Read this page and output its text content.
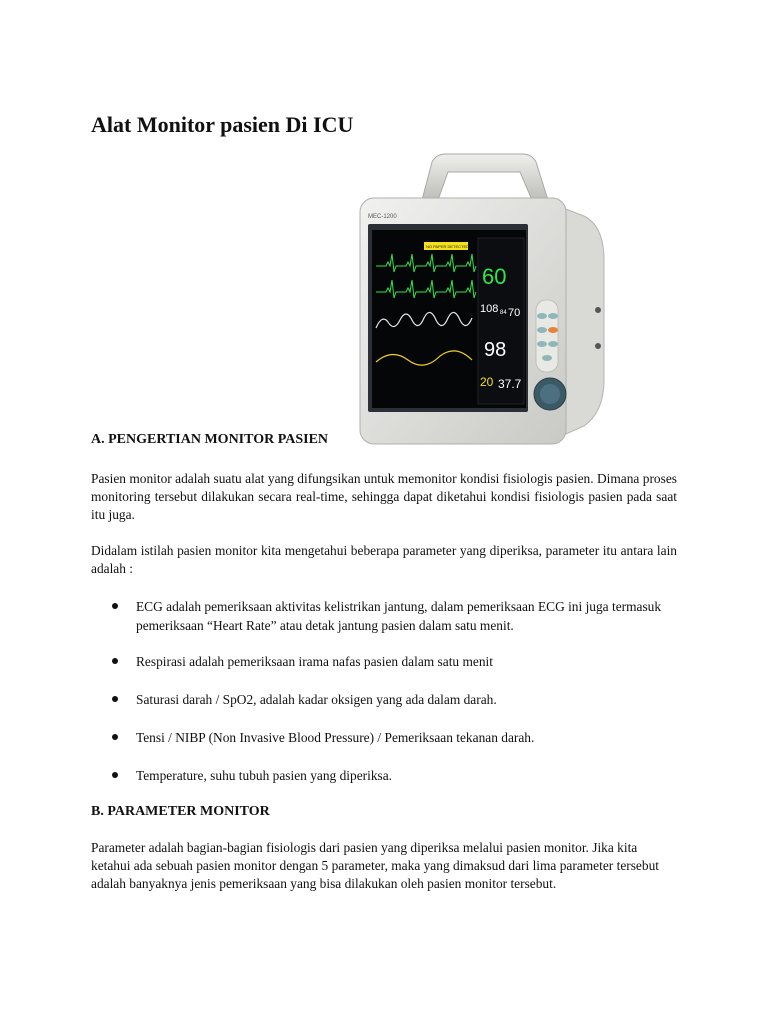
Alat Monitor pasien Di ICU
MEC-1200
NO PAPER DETECTED
60
108 84 70
98
20 37.7
A. PENGERTIAN MONITOR PASIEN

Pasien monitor adalah suatu alat yang difungsikan untuk memonitor kondisi fisiologis pasien. Dimana proses monitoring tersebut dilakukan secara real-time, sehingga dapat diketahui kondisi fisiologis pasien pada saat itu juga.

Didalam istilah pasien monitor kita mengetahui beberapa parameter yang diperiksa, parameter itu antara lain adalah :

ECG adalah pemeriksaan aktivitas kelistrikan jantung, dalam pemeriksaan ECG ini juga termasuk pemeriksaan “Heart Rate” atau detak jantung pasien dalam satu menit.
Respirasi adalah pemeriksaan irama nafas pasien dalam satu menit
Saturasi darah / SpO2, adalah kadar oksigen yang ada dalam darah.
Tensi / NIBP (Non Invasive Blood Pressure) / Pemeriksaan tekanan darah.
Temperature, suhu tubuh pasien yang diperiksa.
B. PARAMETER MONITOR

Parameter adalah bagian-bagian fisiologis dari pasien yang diperiksa melalui pasien monitor. Jika kita ketahui ada sebuah pasien monitor dengan 5 parameter, maka yang dimaksud dari lima parameter tersebut adalah banyaknya jenis pemeriksaan yang bisa dilakukan oleh pasien monitor tersebut.
